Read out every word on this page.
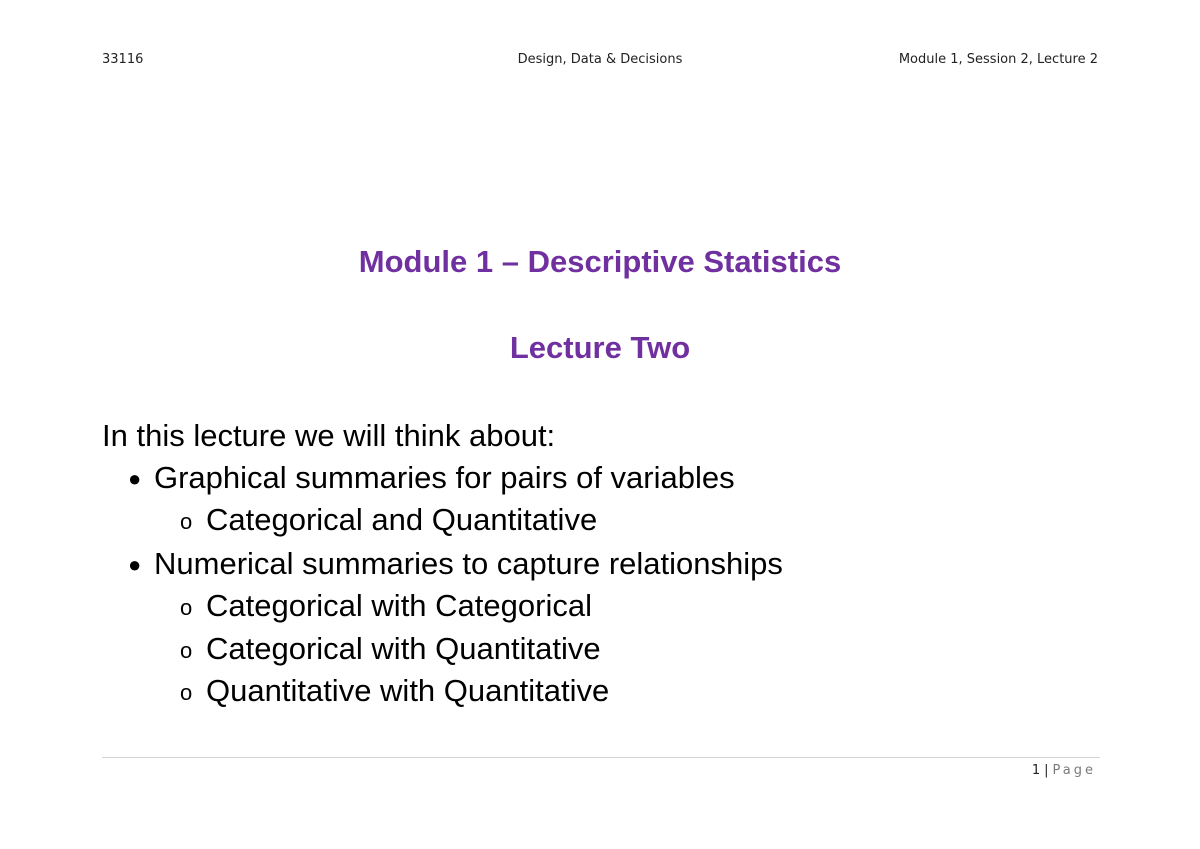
33116	Design, Data & Decisions	Module 1, Session 2, Lecture 2
Module 1 – Descriptive Statistics
Lecture Two
In this lecture we will think about:
● Graphical summaries for pairs of variables
o Categorical and Quantitative
● Numerical summaries to capture relationships
o Categorical with Categorical
o Categorical with Quantitative
o Quantitative with Quantitative
1 | Page
